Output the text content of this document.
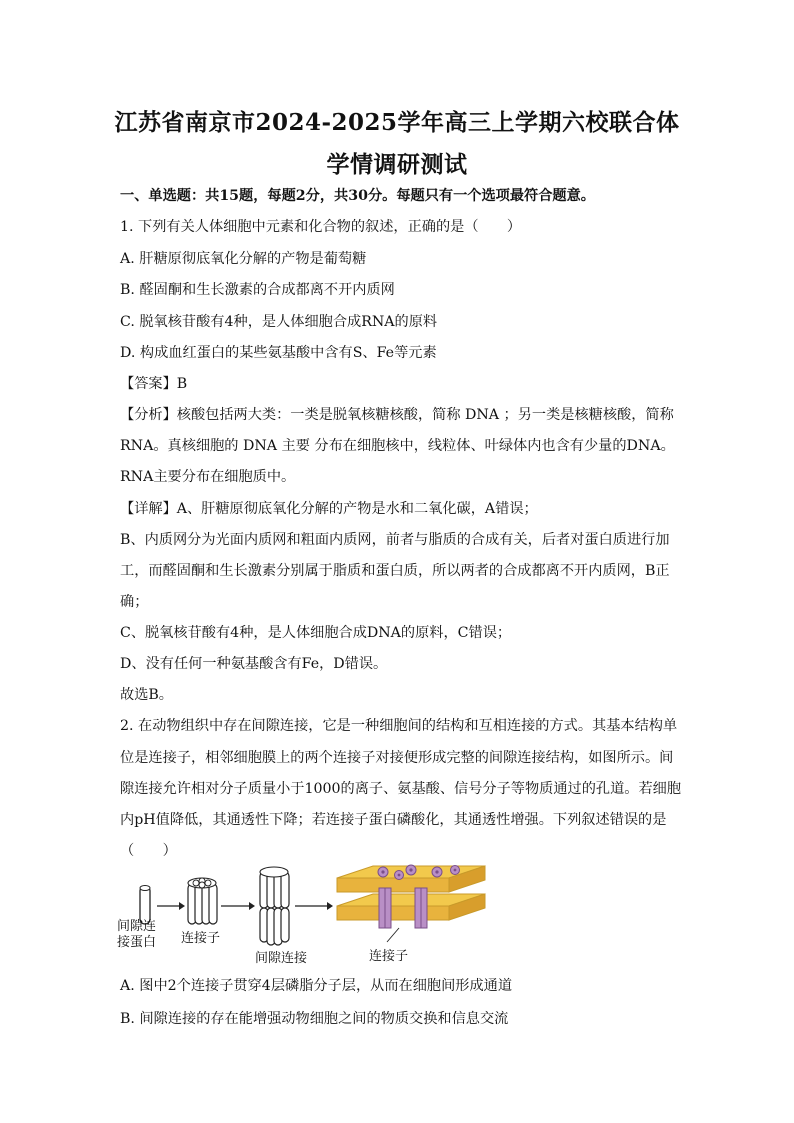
江苏省南京市2024-2025学年高三上学期六校联合体
学情调研测试
一、单选题：共15题，每题2分，共30分。每题只有一个选项最符合题意。
1. 下列有关人体细胞中元素和化合物的叙述，正确的是（　　）
A. 肝糖原彻底氧化分解的产物是葡萄糖
B. 醛固酮和生长激素的合成都离不开内质网
C. 脱氧核苷酸有4种，是人体细胞合成RNA的原料
D. 构成血红蛋白的某些氨基酸中含有S、Fe等元素
【答案】B
【分析】核酸包括两大类：一类是脱氧核糖核酸，简称 DNA ；另一类是核糖核酸，简称
RNA。真核细胞的 DNA 主要 分布在细胞核中，线粒体、叶绿体内也含有少量的DNA。
RNA主要分布在细胞质中。
【详解】A、肝糖原彻底氧化分解的产物是水和二氧化碳，A错误；
B、内质网分为光面内质网和粗面内质网，前者与脂质的合成有关，后者对蛋白质进行加
工，而醛固酮和生长激素分别属于脂质和蛋白质，所以两者的合成都离不开内质网，B正
确；
C、脱氧核苷酸有4种，是人体细胞合成DNA的原料，C错误；
D、没有任何一种氨基酸含有Fe，D错误。
故选B。
2. 在动物组织中存在间隙连接，它是一种细胞间的结构和互相连接的方式。其基本结构单
位是连接子，相邻细胞膜上的两个连接子对接便形成完整的间隙连接结构，如图所示。间
隙连接允许相对分子质量小于1000的离子、氨基酸、信号分子等物质通过的孔道。若细胞
内pH值降低，其通透性下降；若连接子蛋白磷酸化，其通透性增强。下列叙述错误的是
（　　）
间隙连
接蛋白 连接子
间隙连接	连接子
A. 图中2个连接子贯穿4层磷脂分子层，从而在细胞间形成通道
B. 间隙连接的存在能增强动物细胞之间的物质交换和信息交流
